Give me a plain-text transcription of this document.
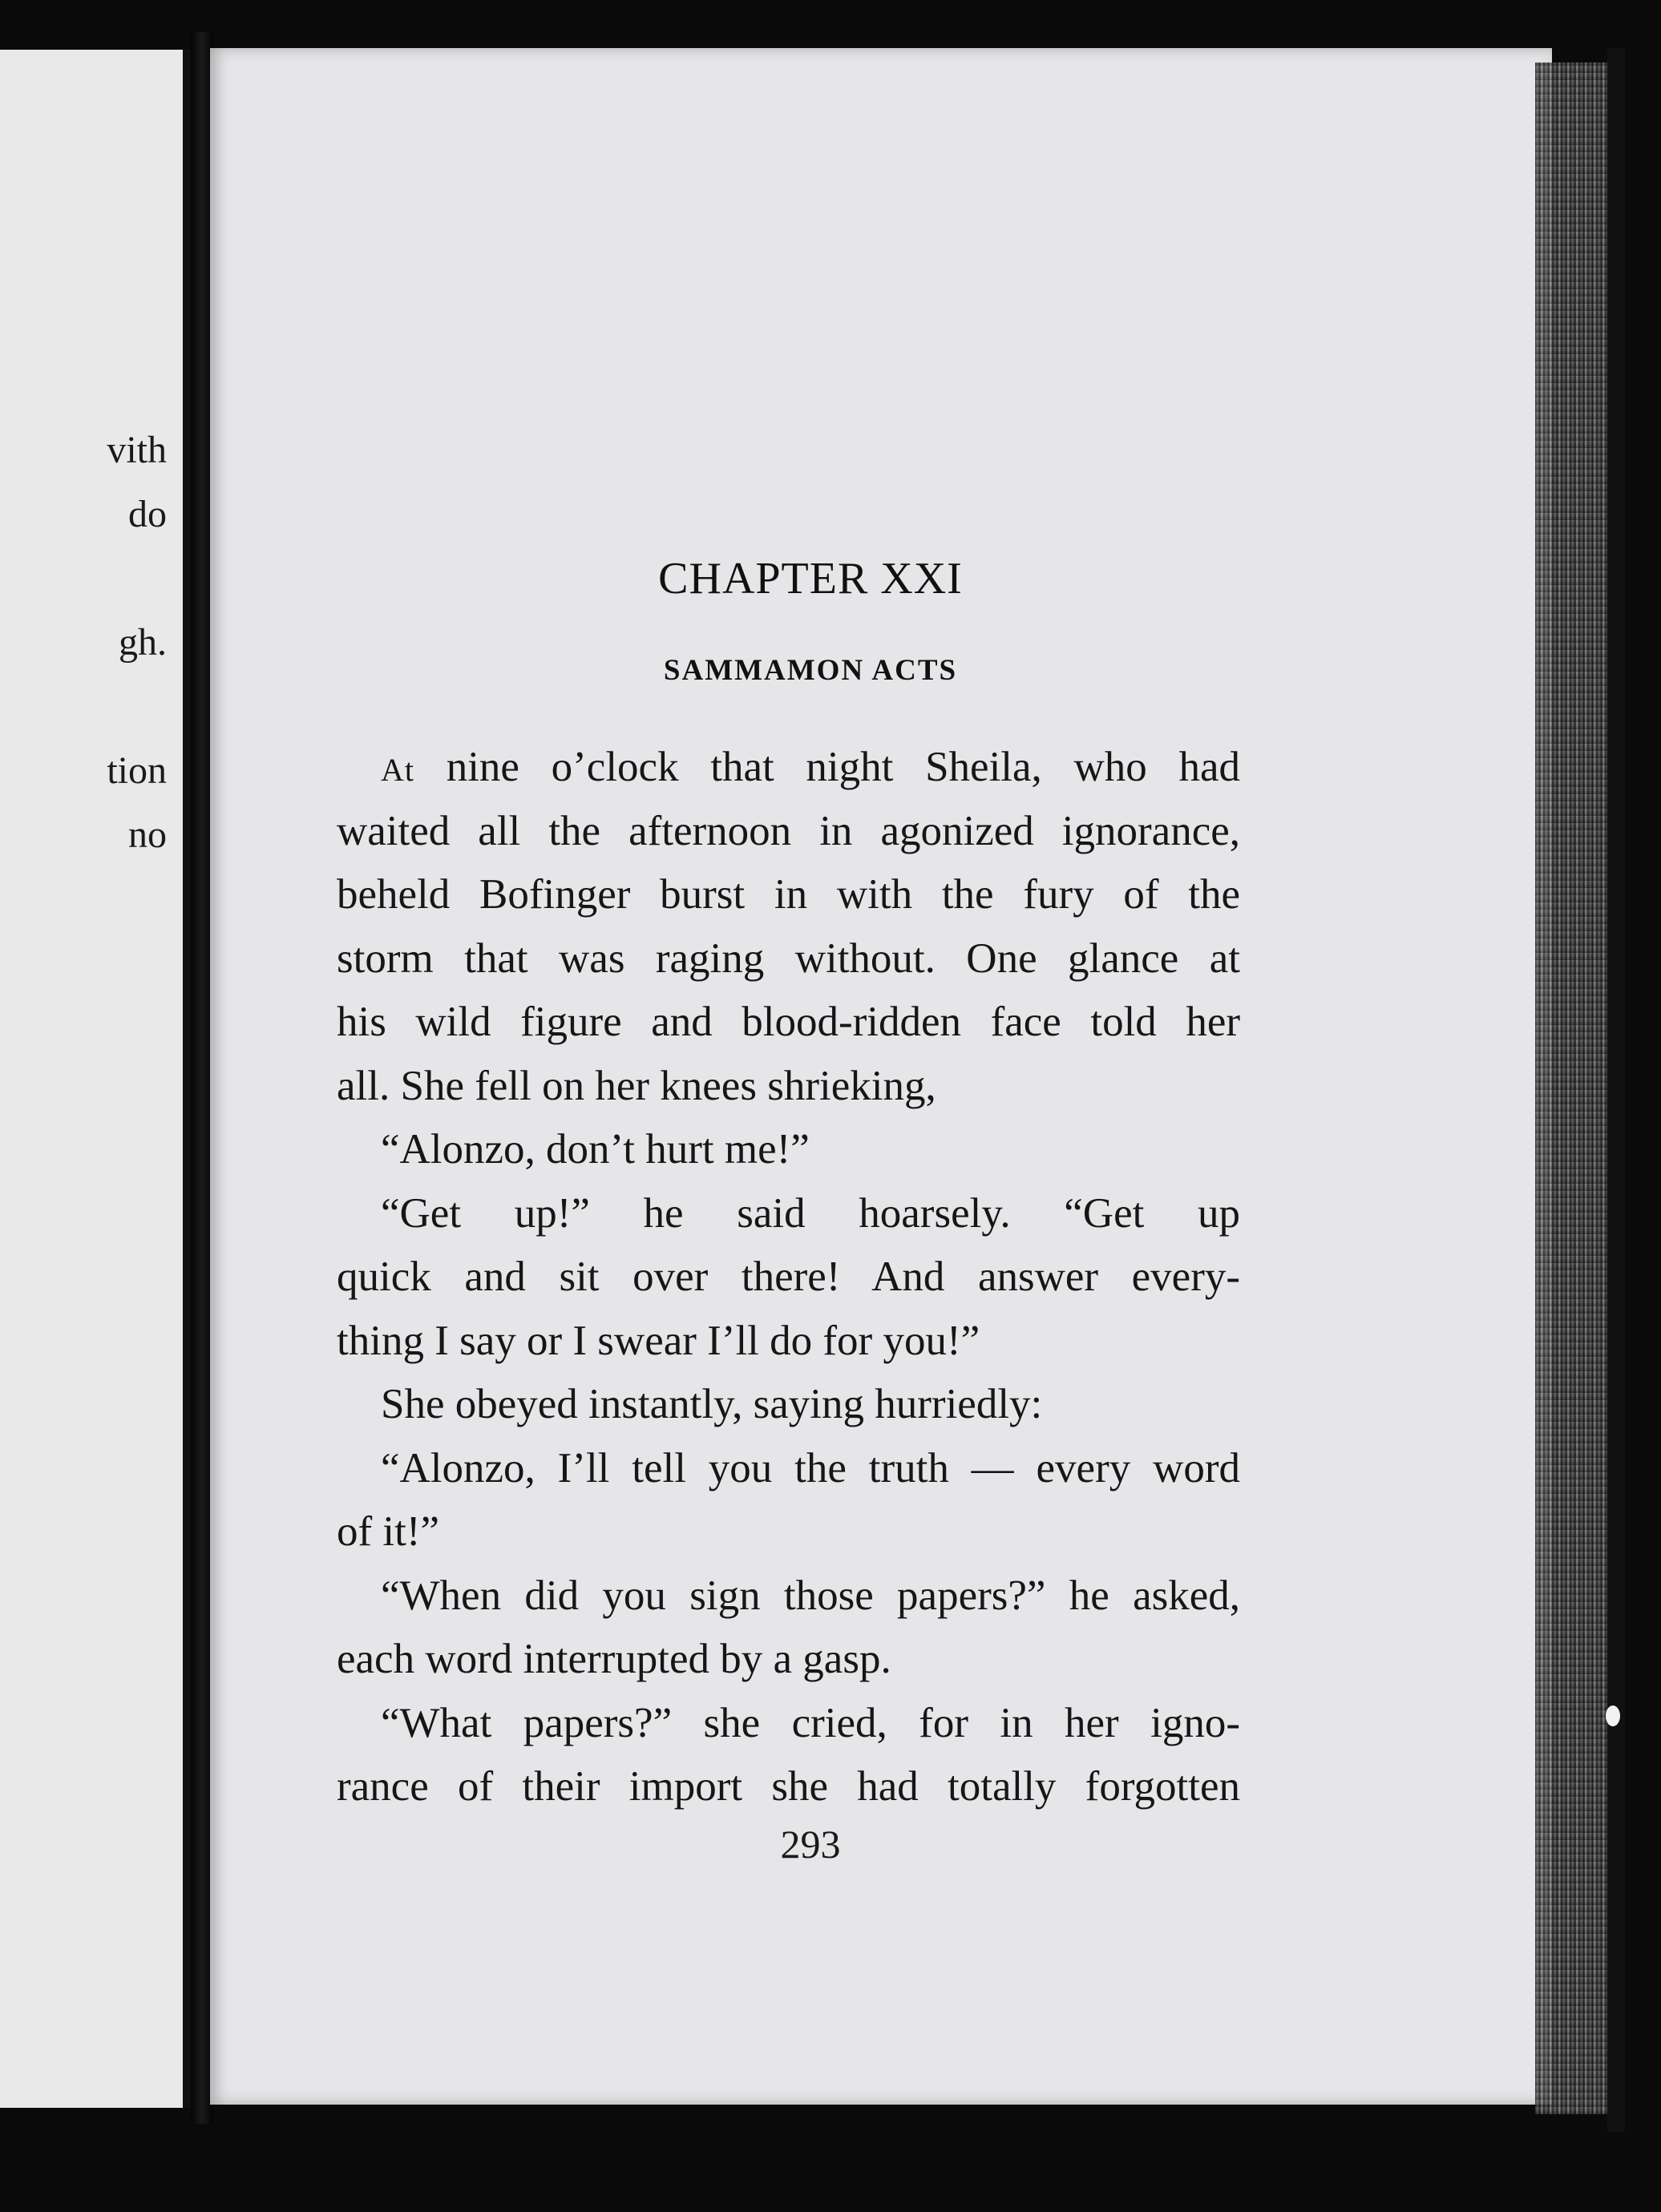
vith
do
gh.
tion
no
CHAPTER XXI
SAMMAMON ACTS
At nine o’clock that night Sheila, who had
waited all the afternoon in agonized ignorance,
beheld Bofinger burst in with the fury of the
storm that was raging without. One glance at
his wild figure and blood-ridden face told her
all. She fell on her knees shrieking,
“Alonzo, don’t hurt me!”
“Get up!” he said hoarsely. “Get up
quick and sit over there! And answer every-
thing I say or I swear I’ll do for you!”
She obeyed instantly, saying hurriedly:
“Alonzo, I’ll tell you the truth — every word
of it!”
“When did you sign those papers?” he asked,
each word interrupted by a gasp.
“What papers?” she cried, for in her igno-
rance of their import she had totally forgotten
293
